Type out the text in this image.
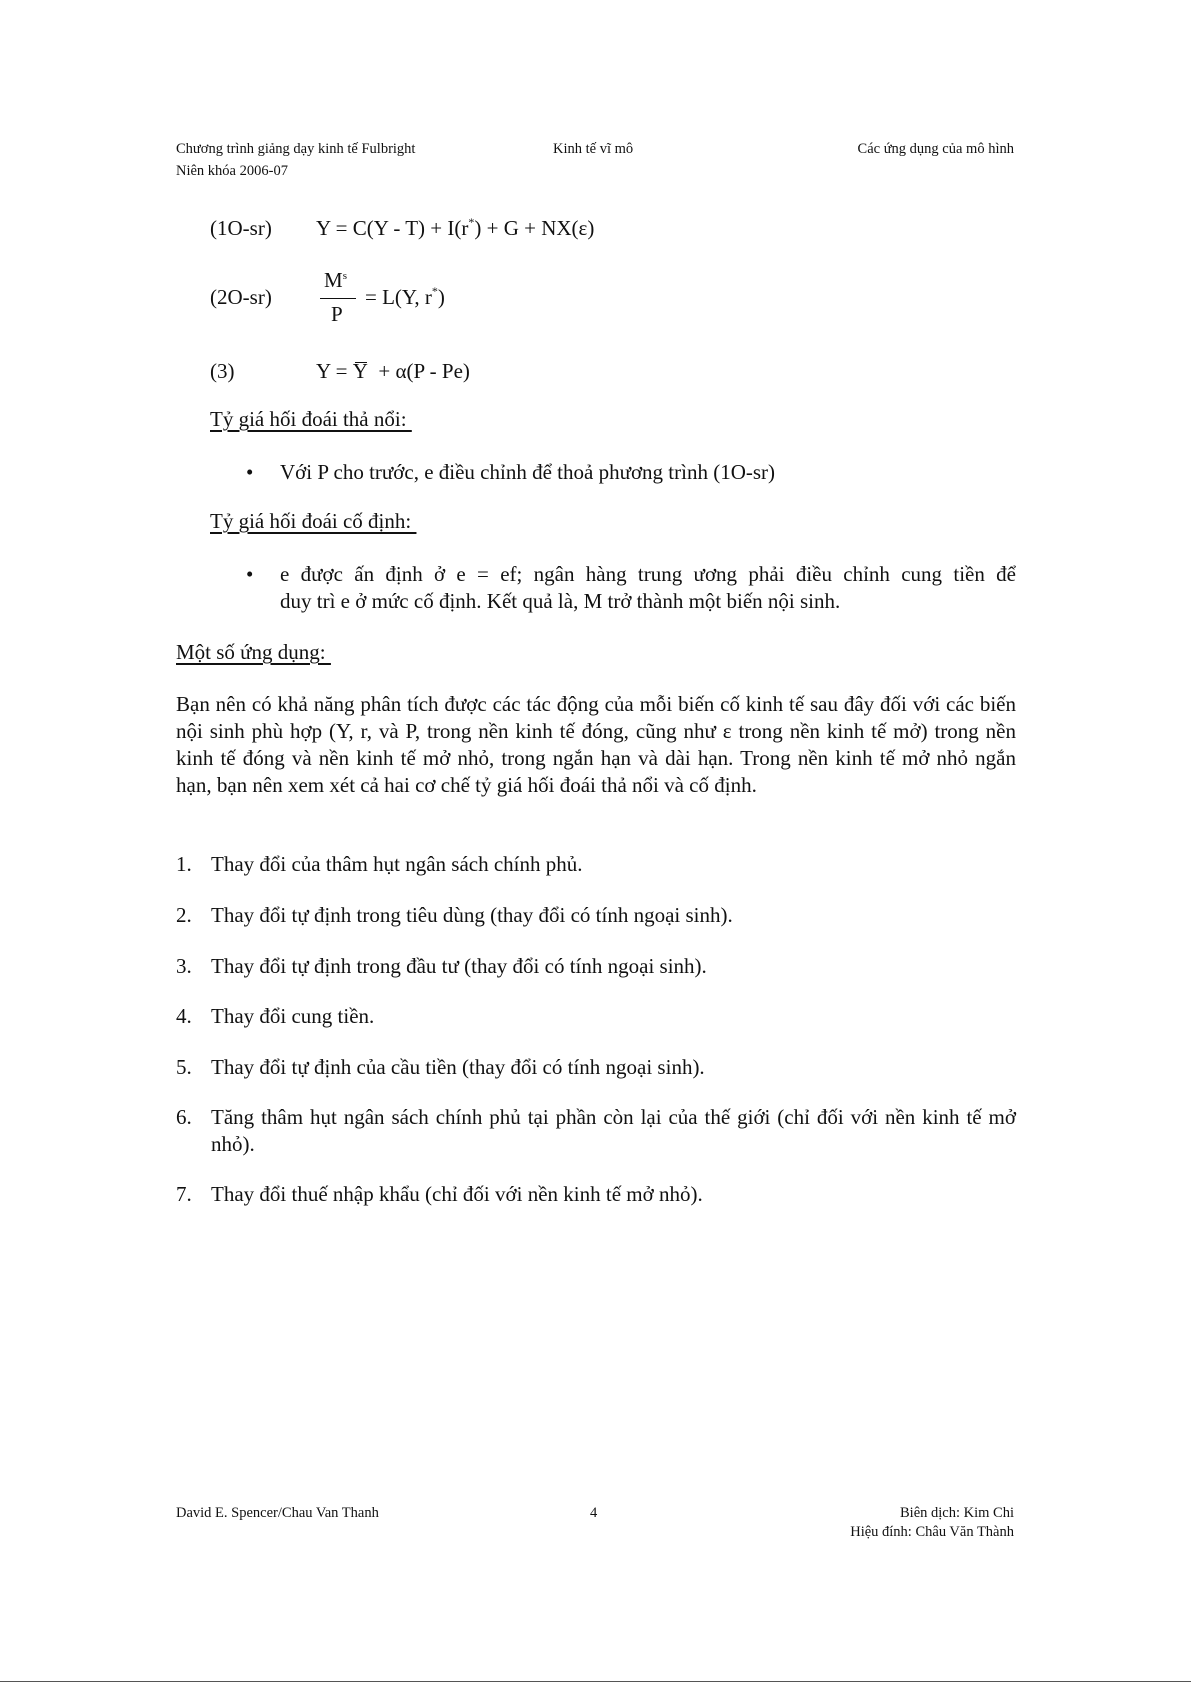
Chương trình giảng dạy kinh tế Fulbright
Niên khóa 2006-07
Kinh tế vĩ mô	Các ứng dụng của mô hình
(1O-sr) Y = C(Y - T) + I(r*) + G + NX(ε)
(2O-sr)
$M^s$
P
= L(Y, r*)
(3)	Y = Y + α(P - Pe)
Tỷ giá hối đoái thả nổi:
• Với P cho trước, e điều chỉnh để thoả phương trình (1O-sr)
Tỷ giá hối đoái cố định:
• e được ấn định ở e = ef; ngân hàng trung ương phải điều chỉnh cung tiền để
duy trì e ở mức cố định. Kết quả là, M trở thành một biến nội sinh.
Một số ứng dụng:
Bạn nên có khả năng phân tích được các tác động của mỗi biến cố kinh tế sau đây đối với các biến nội sinh phù hợp (Y, r, và P, trong nền kinh tế đóng, cũng như ε trong nền kinh tế mở) trong nền kinh tế đóng và nền kinh tế mở nhỏ, trong ngắn hạn và dài hạn. Trong nền kinh tế mở nhỏ ngắn hạn, bạn nên xem xét cả hai cơ chế tỷ giá hối đoái thả nổi và cố định.
1. Thay đổi của thâm hụt ngân sách chính phủ.
2. Thay đổi tự định trong tiêu dùng (thay đổi có tính ngoại sinh).
3. Thay đổi tự định trong đầu tư (thay đổi có tính ngoại sinh).
4. Thay đổi cung tiền.
5. Thay đổi tự định của cầu tiền (thay đổi có tính ngoại sinh).
6. Tăng thâm hụt ngân sách chính phủ tại phần còn lại của thế giới (chỉ đối với nền kinh tế mở nhỏ).
7. Thay đổi thuế nhập khẩu (chỉ đối với nền kinh tế mở nhỏ).
David E. Spencer/Chau Van Thanh	4	Biên dịch: Kim Chi
Hiệu đính: Châu Văn Thành
